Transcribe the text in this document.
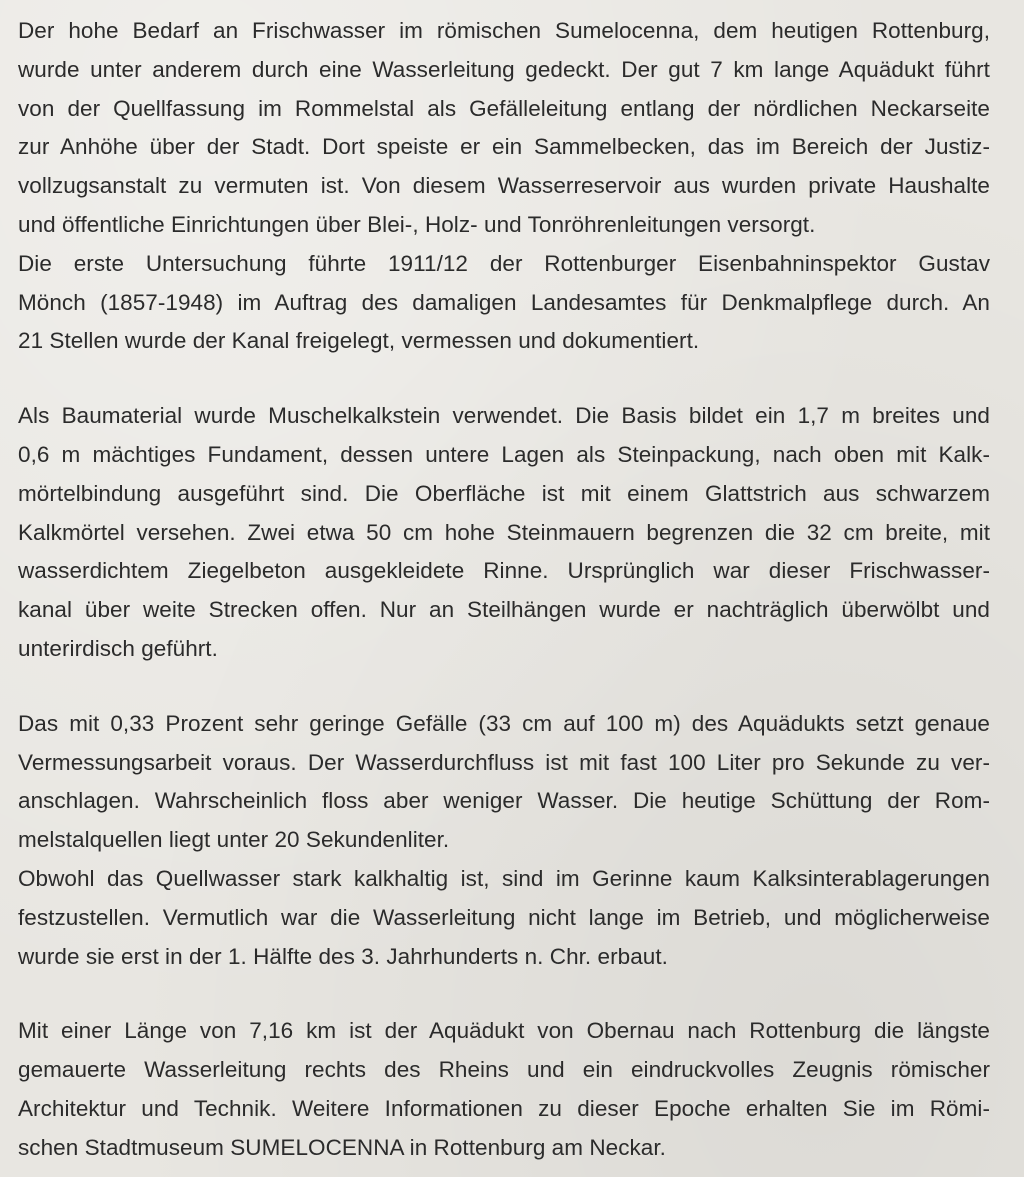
Der hohe Bedarf an Frischwasser im römischen Sumelocenna, dem heutigen Rottenburg,
wurde unter anderem durch eine Wasserleitung gedeckt. Der gut 7 km lange Aquädukt führt
von der Quellfassung im Rommelstal als Gefälleleitung entlang der nördlichen Neckarseite
zur Anhöhe über der Stadt. Dort speiste er ein Sammelbecken, das im Bereich der Justiz-
vollzugsanstalt zu vermuten ist. Von diesem Wasserreservoir aus wurden private Haushalte
und öffentliche Einrichtungen über Blei-, Holz- und Tonröhrenleitungen versorgt.
Die erste Untersuchung führte 1911/12 der Rottenburger Eisenbahninspektor Gustav
Mönch (1857-1948) im Auftrag des damaligen Landesamtes für Denkmalpflege durch. An
21 Stellen wurde der Kanal freigelegt, vermessen und dokumentiert.
Als Baumaterial wurde Muschelkalkstein verwendet. Die Basis bildet ein 1,7 m breites und
0,6 m mächtiges Fundament, dessen untere Lagen als Steinpackung, nach oben mit Kalk-
mörtelbindung ausgeführt sind. Die Oberfläche ist mit einem Glattstrich aus schwarzem
Kalkmörtel versehen. Zwei etwa 50 cm hohe Steinmauern begrenzen die 32 cm breite, mit
wasserdichtem Ziegelbeton ausgekleidete Rinne. Ursprünglich war dieser Frischwasser-
kanal über weite Strecken offen. Nur an Steilhängen wurde er nachträglich überwölbt und
unterirdisch geführt.
Das mit 0,33 Prozent sehr geringe Gefälle (33 cm auf 100 m) des Aquädukts setzt genaue
Vermessungsarbeit voraus. Der Wasserdurchfluss ist mit fast 100 Liter pro Sekunde zu ver-
anschlagen. Wahrscheinlich floss aber weniger Wasser. Die heutige Schüttung der Rom-
melstalquellen liegt unter 20 Sekundenliter.
Obwohl das Quellwasser stark kalkhaltig ist, sind im Gerinne kaum Kalksinterablagerungen
festzustellen. Vermutlich war die Wasserleitung nicht lange im Betrieb, und möglicherweise
wurde sie erst in der 1. Hälfte des 3. Jahrhunderts n. Chr. erbaut.
Mit einer Länge von 7,16 km ist der Aquädukt von Obernau nach Rottenburg die längste
gemauerte Wasserleitung rechts des Rheins und ein eindruckvolles Zeugnis römischer
Architektur und Technik. Weitere Informationen zu dieser Epoche erhalten Sie im Römi-
schen Stadtmuseum SUMELOCENNA in Rottenburg am Neckar.
